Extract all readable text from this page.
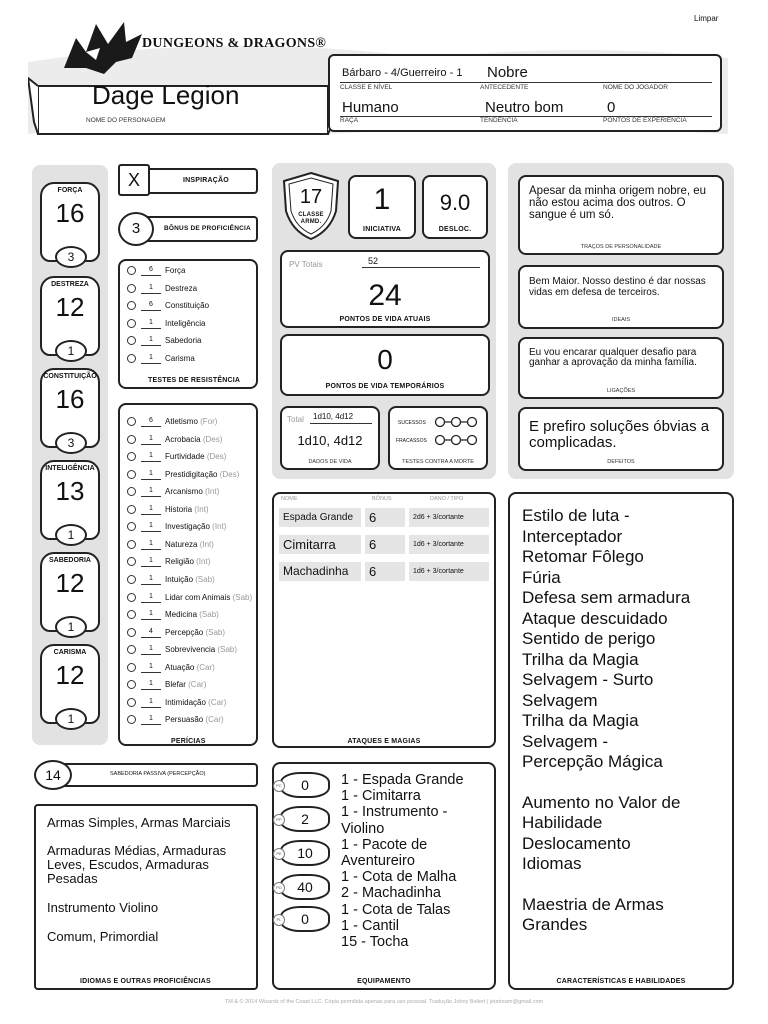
Limpar
DUNGEONS & DRAGONS®
Dage Legion
NOME DO PERSONAGEM
Bárbaro - 4/Guerreiro - 1 Nobre
CLASSE E NÍVEL	ANTECEDENTE	NOME DO JOGADOR
Humano	Neutro bom	0
RAÇA	TENDÊNCIA	PONTOS DE EXPERIÊNCIA
FORÇA
16
3
DESTREZA
12
1
CONSTITUIÇÃO
16
3
INTELIGÊNCIA
13
1
SABEDORIA
12
1
CARISMA
12
1
X	INSPIRAÇÃO
3	BÔNUS DE PROFICIÊNCIA
6	Força
1	Destreza
6	Constituição
1	Inteligência
1	Sabedoria
1	Carisma
TESTES DE RESISTÊNCIA
6	Atletismo (For)
1	Acrobacia (Des)
1	Furtividade (Des)
1	Prestidigitação (Des)
1	Arcanismo (Int)
1	Historia (Int)
1	Investigação (Int)
1	Natureza (Int)
1	Religião (Int)
1	Intuição (Sab)
1	Lidar com Animais (Sab)
1	Medicina (Sab)
4	Percepção (Sab)
1	Sobrevivencia (Sab)
1	Atuação (Car)
1	Blefar (Car)
1	Intimidação (Car)
1	Persuasão (Car)
PERÍCIAS
14	SABEDORIA PASSIVA (PERCEPÇÃO)
Armas Simples, Armas Marciais
Armaduras Médias, Armaduras Leves, Escudos, Armaduras Pesadas
Instrumento Violino
Comum, Primordial
IDIOMAS E OUTRAS PROFICIÊNCIAS
17
CLASSE ARMD.
1
INICIATIVA
9.0
DESLOC.
PV Totais	52
24
PONTOS DE VIDA ATUAIS
0
PONTOS DE VIDA TEMPORÁRIOS
Total 1d10, 4d12
1d10, 4d12
DADOS DE VIDA
SUCESSOS
FRACASSOS
TESTES CONTRA A MORTE
NOME	BÔNUS	DANO / TIPO
Espada Grande	6	2d6 + 3/cortante
Cimitarra	6	1d6 + 3/cortante
Machadinha	6	1d6 + 3/cortante
ATAQUES E MAGIAS
0
PC
2
PP
10
PE
40
PO
0
PL
1 - Espada Grande
1 - Cimitarra
1 - Instrumento -
Violino
1 - Pacote de
Aventureiro
1 - Cota de Malha
2 - Machadinha
1 - Cota de Talas
1 - Cantil
15 - Tocha
EQUIPAMENTO
Apesar da minha origem nobre, eu não estou acima dos outros. O sangue é um só.
TRAÇOS DE PERSONALIDADE
Bem Maior. Nosso destino é dar nossas vidas em defesa de terceiros.
IDEAIS
Eu vou encarar qualquer desafio para ganhar a aprovação da minha família.
LIGAÇÕES
E prefiro soluções óbvias a complicadas.
DEFEITOS
Estilo de luta -
Interceptador
Retomar Fôlego
Fúria
Defesa sem armadura
Ataque descuidado
Sentido de perigo
Trilha da Magia
Selvagem - Surto
Selvagem
Trilha da Magia
Selvagem -
Percepção Mágica
Aumento no Valor de
Habilidade
Deslocamento
Idiomas
Maestria de Armas
Grandes
CARACTERÍSTICAS E HABILIDADES
TM & © 2014 Wizards of the Coast LLC. Cópia permitida apenas para uso pessoal. Tradução Johny Boliert | jetstream@gmail.com
